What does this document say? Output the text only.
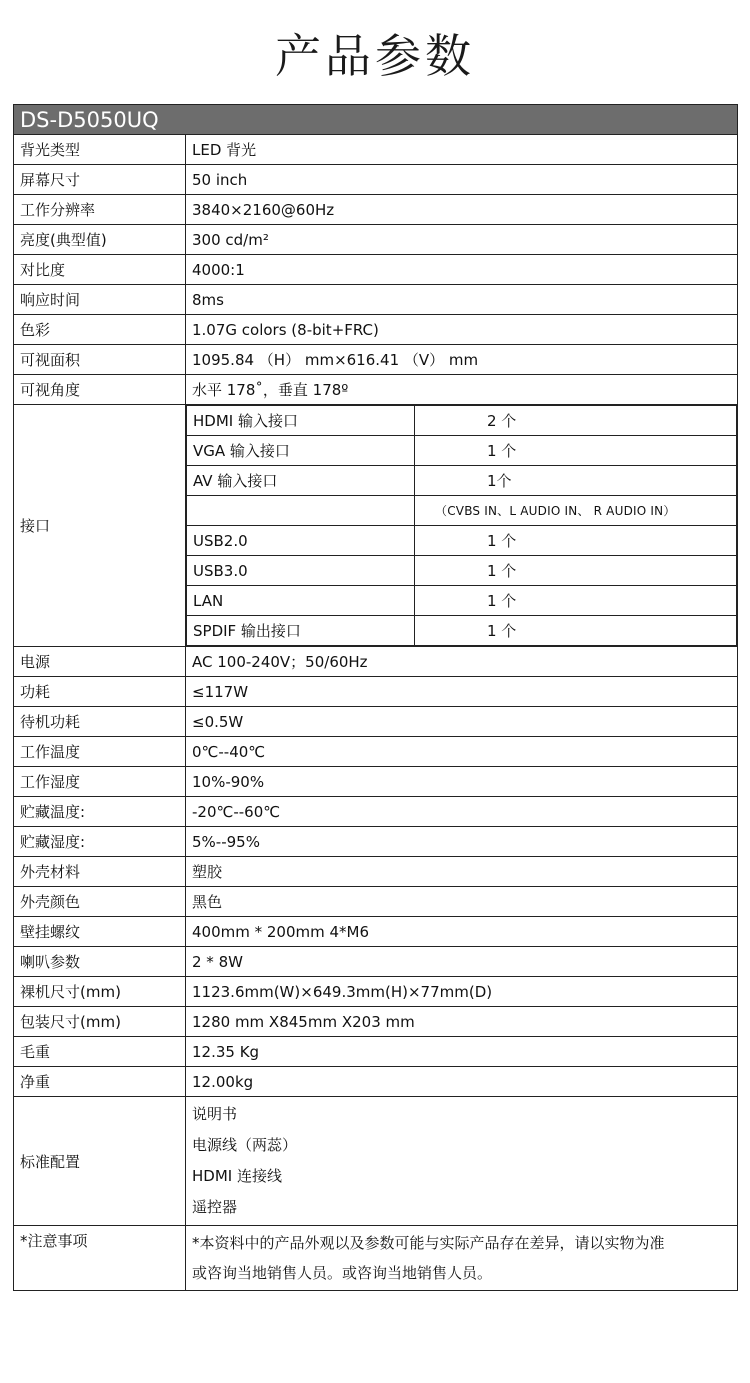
产品参数
DS-D5050UQ
背光类型	LED 背光
屏幕尺寸	50 inch
工作分辨率	3840×2160@60Hz
亮度(典型值)	300 cd/m²
对比度	4000:1
响应时间	8ms
色彩	1.07G colors (8-bit+FRC)
可视面积	1095.84 （H） mm×616.41 （V） mm
可视角度	水平 178˚，垂直 178º
接口	
HDMI 输入接口	2 个
VGA 输入接口	1 个
AV 输入接口	1个
	（CVBS IN、L AUDIO IN、 R AUDIO IN）
USB2.0	1 个
USB3.0	1 个
LAN	1 个
SPDIF 输出接口	1 个

电源	AC 100-240V；50/60Hz
功耗	≤117W
待机功耗	≤0.5W
工作温度	0℃--40℃
工作湿度	10%-90%
贮藏温度:	-20℃--60℃
贮藏湿度:	5%--95%
外壳材料	塑胶
外壳颜色	黑色
壁挂螺纹	400mm * 200mm 4*M6
喇叭参数	2 * 8W
裸机尺寸(mm)	1123.6mm(W)×649.3mm(H)×77mm(D)
包装尺寸(mm)	1280 mm X845mm X203 mm
毛重	12.35 Kg
净重	12.00kg
标准配置	
说明书
电源线（两蕊）
HDMI 连接线
遥控器

*注意事项	*本资料中的产品外观以及参数可能与实际产品存在差异，请以实物为准
或咨询当地销售人员。或咨询当地销售人员。
